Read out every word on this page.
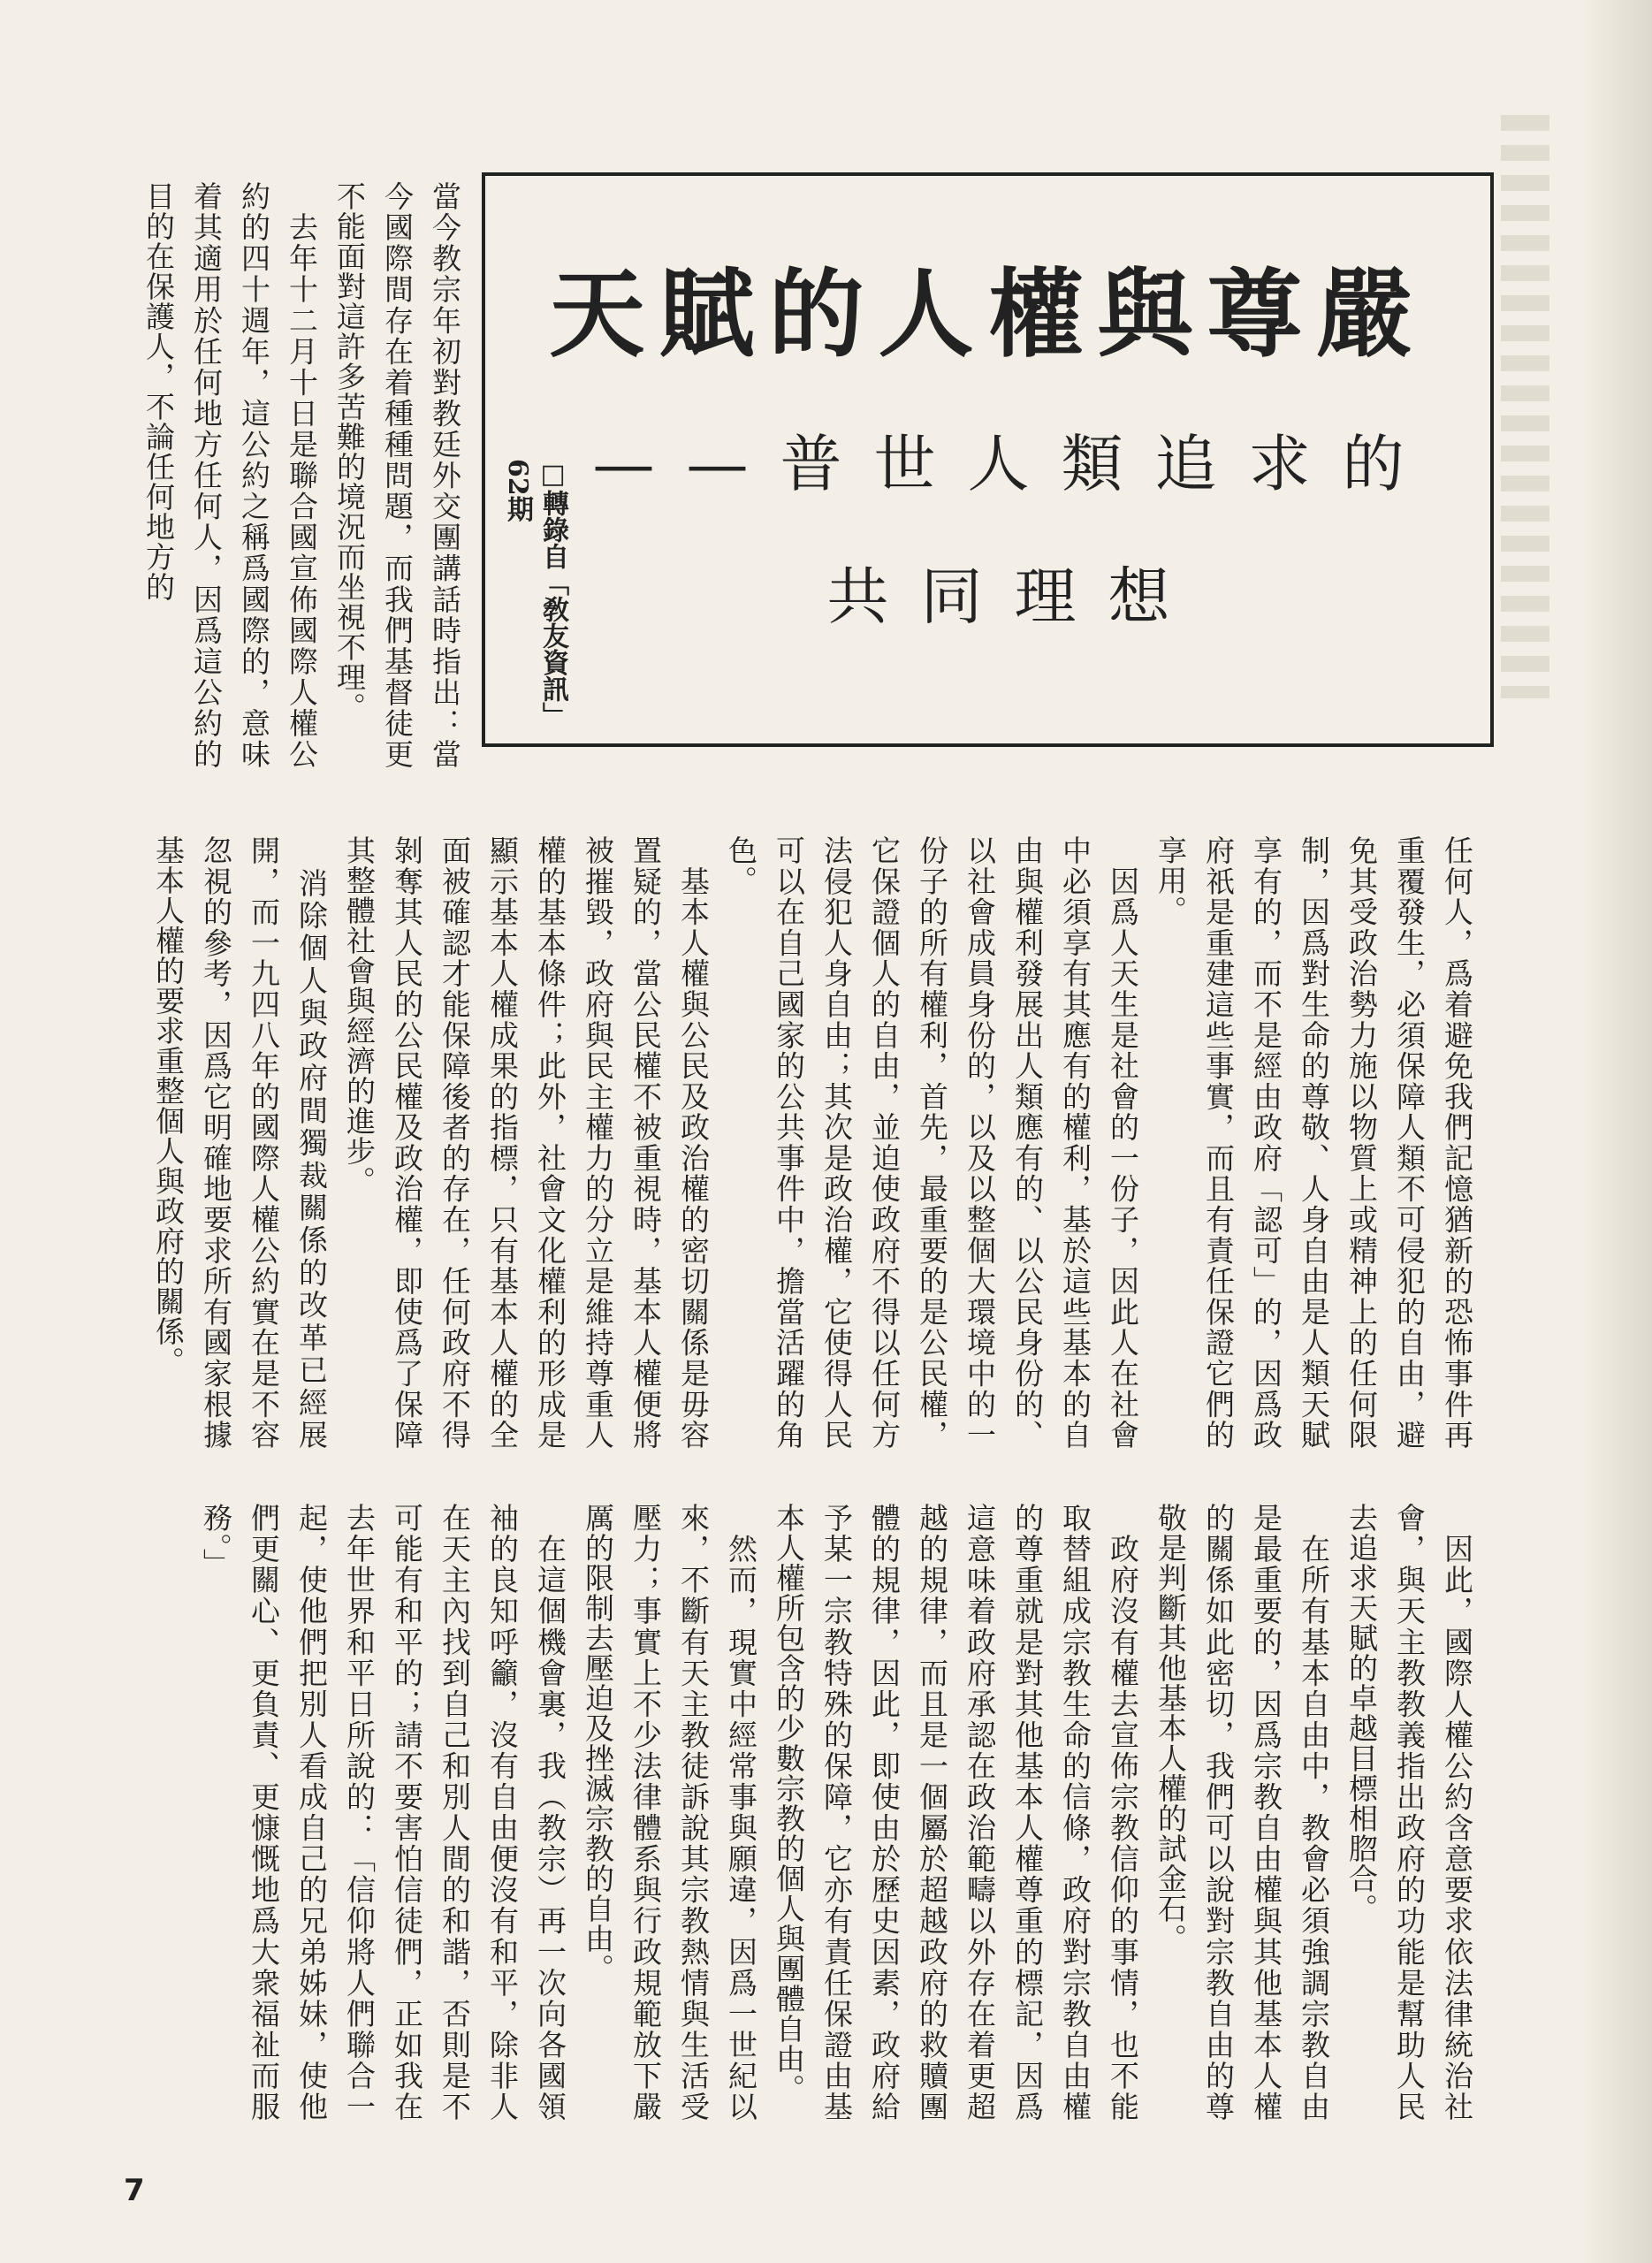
天賦的人權與尊嚴
——普世人類追求的
共同理想
□轉錄自「敎友資訊」62期
當今教宗年初對教廷外交團講話時指出：當今國際間存在着種種問題，而我們基督徒更不能面對這許多苦難的境況而坐視不理。
　去年十二月十日是聯合國宣佈國際人權公約的四十週年，這公約之稱爲國際的，意味着其適用於任何地方任何人，因爲這公約的目的在保護人，不論任何地方的
任何人，爲着避免我們記憶猶新的恐怖事件再重覆發生，必須保障人類不可侵犯的自由，避免其受政治勢力施以物質上或精神上的任何限制，因爲對生命的尊敬、人身自由是人類天賦享有的，而不是經由政府「認可」的，因爲政府祇是重建這些事實，而且有責任保證它們的享用。
　因爲人天生是社會的一份子，因此人在社會中必須享有其應有的權利，基於這些基本的自由與權利發展出人類應有的、以公民身份的、以社會成員身份的，以及以整個大環境中的一份子的所有權利，首先，最重要的是公民權，它保證個人的自由，並迫使政府不得以任何方法侵犯人身自由；其次是政治權，它使得人民可以在自己國家的公共事件中，擔當活躍的角色。
　基本人權與公民及政治權的密切關係是毋容置疑的，當公民權不被重視時，基本人權便將被摧毀，政府與民主權力的分立是維持尊重人權的基本條件；此外，社會文化權利的形成是顯示基本人權成果的指標，只有基本人權的全面被確認才能保障後者的存在，任何政府不得剝奪其人民的公民權及政治權，即使爲了保障其整體社會與經濟的進步。
　消除個人與政府間獨裁關係的改革已經展開，而一九四八年的國際人權公約實在是不容忽視的參考，因爲它明確地要求所有國家根據基本人權的要求重整個人與政府的關係。
　因此，國際人權公約含意要求依法律統治社會，與天主教教義指出政府的功能是幫助人民去追求天賦的卓越目標相脗合。
　在所有基本自由中，教會必須強調宗教自由是最重要的，因爲宗教自由權與其他基本人權的關係如此密切，我們可以說對宗教自由的尊敬是判斷其他基本人權的試金石。
　政府沒有權去宣佈宗教信仰的事情，也不能取替組成宗教生命的信條，政府對宗教自由權的尊重就是對其他基本人權尊重的標記，因爲這意味着政府承認在政治範疇以外存在着更超越的規律，而且是一個屬於超越政府的救贖團體的規律，因此，即使由於歷史因素，政府給予某一宗教特殊的保障，它亦有責任保證由基本人權所包含的少數宗教的個人與團體自由。
　然而，現實中經常事與願違，因爲一世紀以來，不斷有天主教徒訴說其宗教熱情與生活受壓力；事實上不少法律體系與行政規範放下嚴厲的限制去壓迫及挫滅宗教的自由。
　在這個機會裏，我（教宗）再一次向各國領袖的良知呼籲，沒有自由便沒有和平，除非人在天主內找到自己和別人間的和諧，否則是不可能有和平的；請不要害怕信徒們，正如我在去年世界和平日所說的：「信仰將人們聯合一起，使他們把別人看成自己的兄弟姊妹，使他們更關心、更負責、更慷慨地爲大衆福祉而服務。」
7
